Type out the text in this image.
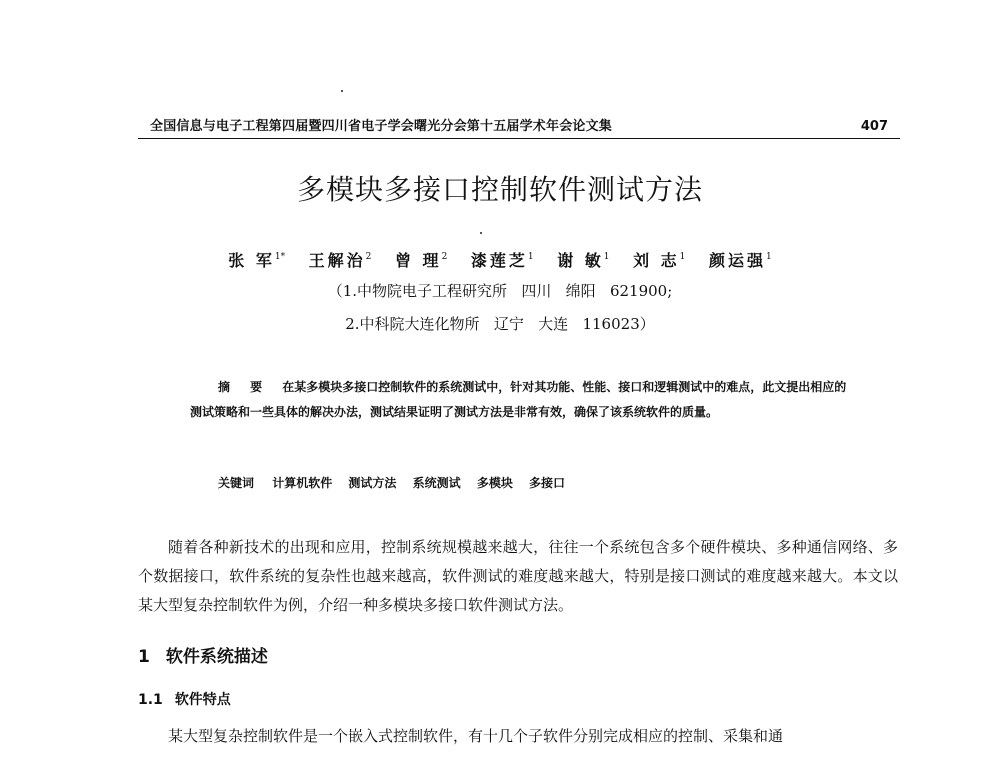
全国信息与电子工程第四届暨四川省电子学会曙光分会第十五届学术年会论文集	407
多模块多接口控制软件测试方法
张 军$^{1*}$ 王解治$^2$ 曾 理$^2$ 漆莲芝$^1$ 谢 敏$^1$ 刘 志$^1$ 颜运强$^1$
（1.中物院电子工程研究所   四川   绵阳   621900;
2.中科院大连化物所   辽宁   大连   116023）
摘 要 在某多模块多接口控制软件的系统测试中，针对其功能、性能、接口和逻辑测试中的难点，此文提出相应的测试策略和一些具体的解决办法，测试结果证明了测试方法是非常有效，确保了该系统软件的质量。
关键词 计算机软件 测试方法 系统测试 多模块 多接口
随着各种新技术的出现和应用，控制系统规模越来越大，往往一个系统包含多个硬件模块、多种通信网络、多个数据接口，软件系统的复杂性也越来越高，软件测试的难度越来越大，特别是接口测试的难度越来越大。本文以某大型复杂控制软件为例，介绍一种多模块多接口软件测试方法。
1 软件系统描述
1.1 软件特点
某大型复杂控制软件是一个嵌入式控制软件，有十几个子软件分别完成相应的控制、采集和通
